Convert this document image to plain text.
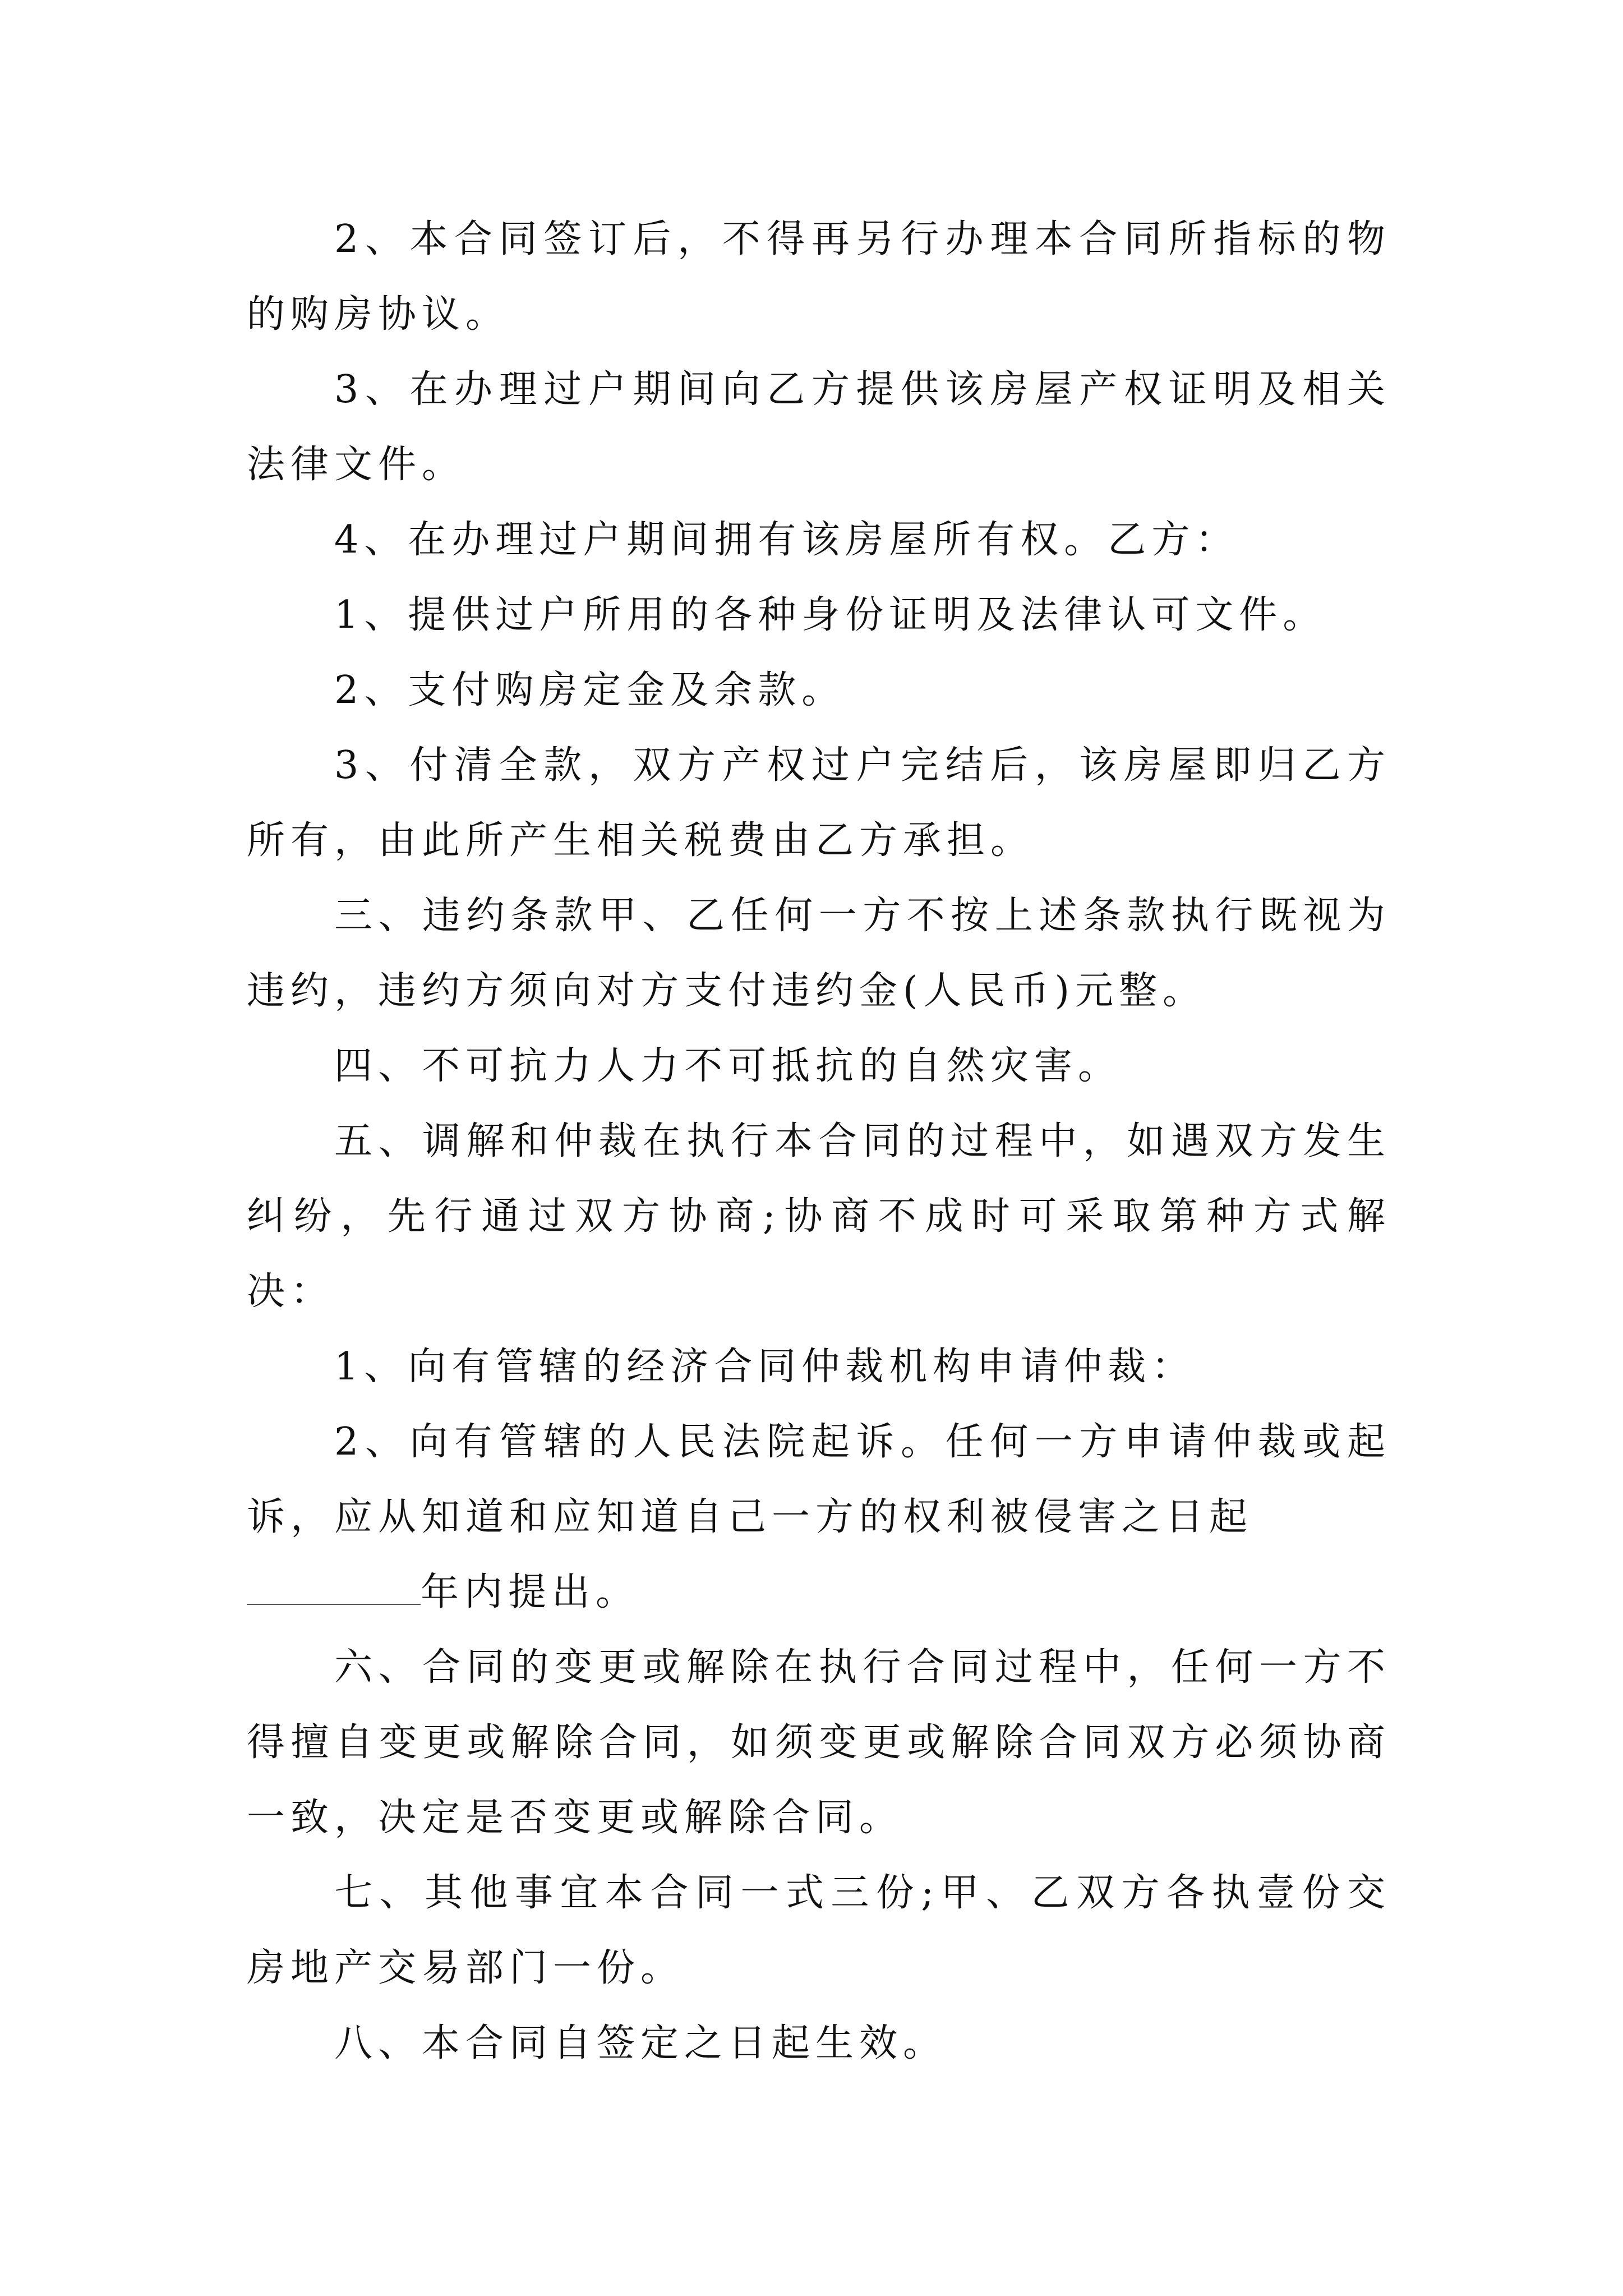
2、本合同签订后，不得再另行办理本合同所指标的物的购房协议。

3、在办理过户期间向乙方提供该房屋产权证明及相关法律文件。

4、在办理过户期间拥有该房屋所有权。乙方：

1、提供过户所用的各种身份证明及法律认可文件。

2、支付购房定金及余款。

3、付清全款，双方产权过户完结后，该房屋即归乙方所有，由此所产生相关税费由乙方承担。

三、违约条款甲、乙任何一方不按上述条款执行既视为违约，违约方须向对方支付违约金(人民币)元整。

四、不可抗力人力不可抵抗的自然灾害。

五、调解和仲裁在执行本合同的过程中，如遇双方发生纠纷，先行通过双方协商;协商不成时可采取第种方式解决：

1、向有管辖的经济合同仲裁机构申请仲裁：

2、向有管辖的人民法院起诉。任何一方申请仲裁或起诉，应从知道和应知道自己一方的权利被侵害之日起

年内提出。

六、合同的变更或解除在执行合同过程中，任何一方不得擅自变更或解除合同，如须变更或解除合同双方必须协商一致，决定是否变更或解除合同。

七、其他事宜本合同一式三份;甲、乙双方各执壹份交房地产交易部门一份。

八、本合同自签定之日起生效。
